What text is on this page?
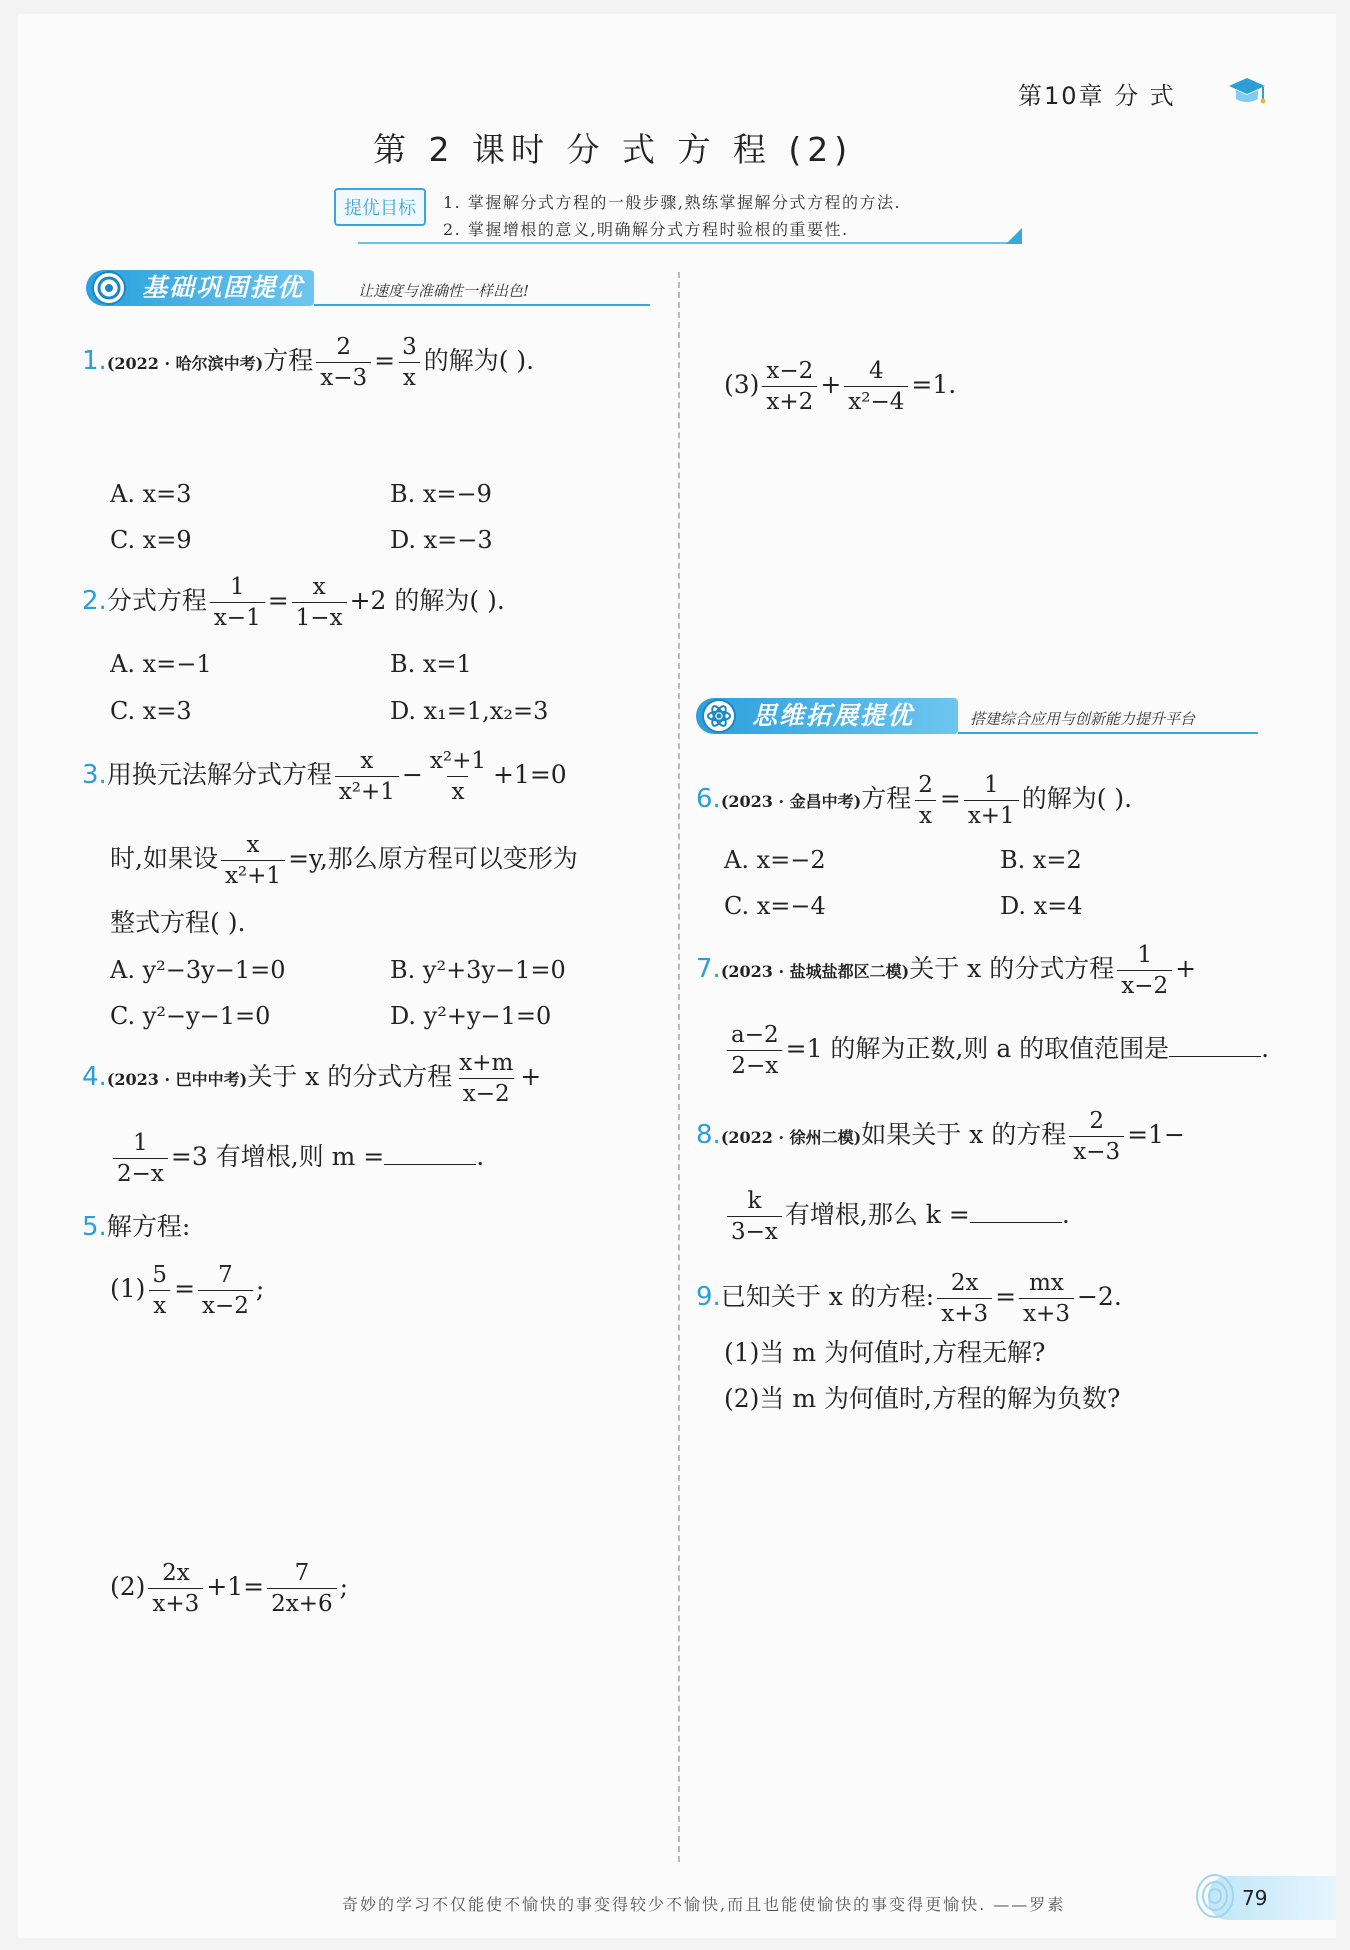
第10章 分 式
第 2 课时 分 式 方 程 (2)
提优目标	1. 掌握解分式方程的一般步骤,熟练掌握解分式方程的方法.
2. 掌握增根的意义,明确解分式方程时验根的重要性.
基础巩固提优	让速度与准确性一样出色!
1.(2022 · 哈尔滨中考)方程 $\frac{2}{x-3} = \frac{3}{x}$ 的解为( ).
A. x=3	B. x=−9
C. x=9	D. x=−3
2.分式方程 $\frac{1}{x-1} = \frac{x}{1-x} +2$ 的解为( ).
A. x=−1	B. x=1
C. x=3	D. x₁=1,x₂=3
3.用换元法解分式方程 $\frac{x}{\text{x²+1}} - \frac{\text{x²+1}}{x} +1=0$
时,如果设 $\frac{x}{\text{x²+1}} =y$,那么原方程可以变形为
整式方程( ).
A. y²−3y−1=0	B. y²+3y−1=0
C. y²−y−1=0	D. y²+y−1=0
4.(2023 · 巴中中考)关于 x 的分式方程 $\frac{x+m}{x-2}$ +
$\frac{1}{2-x} =3$ 有增根,则 m =	.
5.解方程:
$(1) \frac{5}{x} = \frac{7}{x-2}$ ;
$(2) \frac{2x}{x+3} +1= \frac{7}{2x+6}$ ;
$(3) \frac{x-2}{x+2} + \frac{4}{\text{x²−4}} =1$.
思维拓展提优	搭建综合应用与创新能力提升平台
6.(2023 · 金昌中考)方程 $\frac{2}{x} = \frac{1}{x+1}$ 的解为( ).
A. x=−2	B. x=2
C. x=−4	D. x=4
7.(2023 · 盐城盐都区二模)关于 x 的分式方程 $\frac{1}{x-2}$ +
$\frac{a-2}{2-x} =1$ 的解为正数,则 a 的取值范围是	.
8.(2022 · 徐州二模)如果关于 x 的方程 $\frac{2}{x-3} =1-$
$\frac{k}{3-x}$ 有增根,那么 k =	.
9.已知关于 x 的方程: $\frac{2x}{x+3} = \frac{mx}{x+3} -2$.
(1)当 m 为何值时,方程无解?
(2)当 m 为何值时,方程的解为负数?
奇妙的学习不仅能使不愉快的事变得较少不愉快,而且也能使愉快的事变得更愉快. ——罗素	79
